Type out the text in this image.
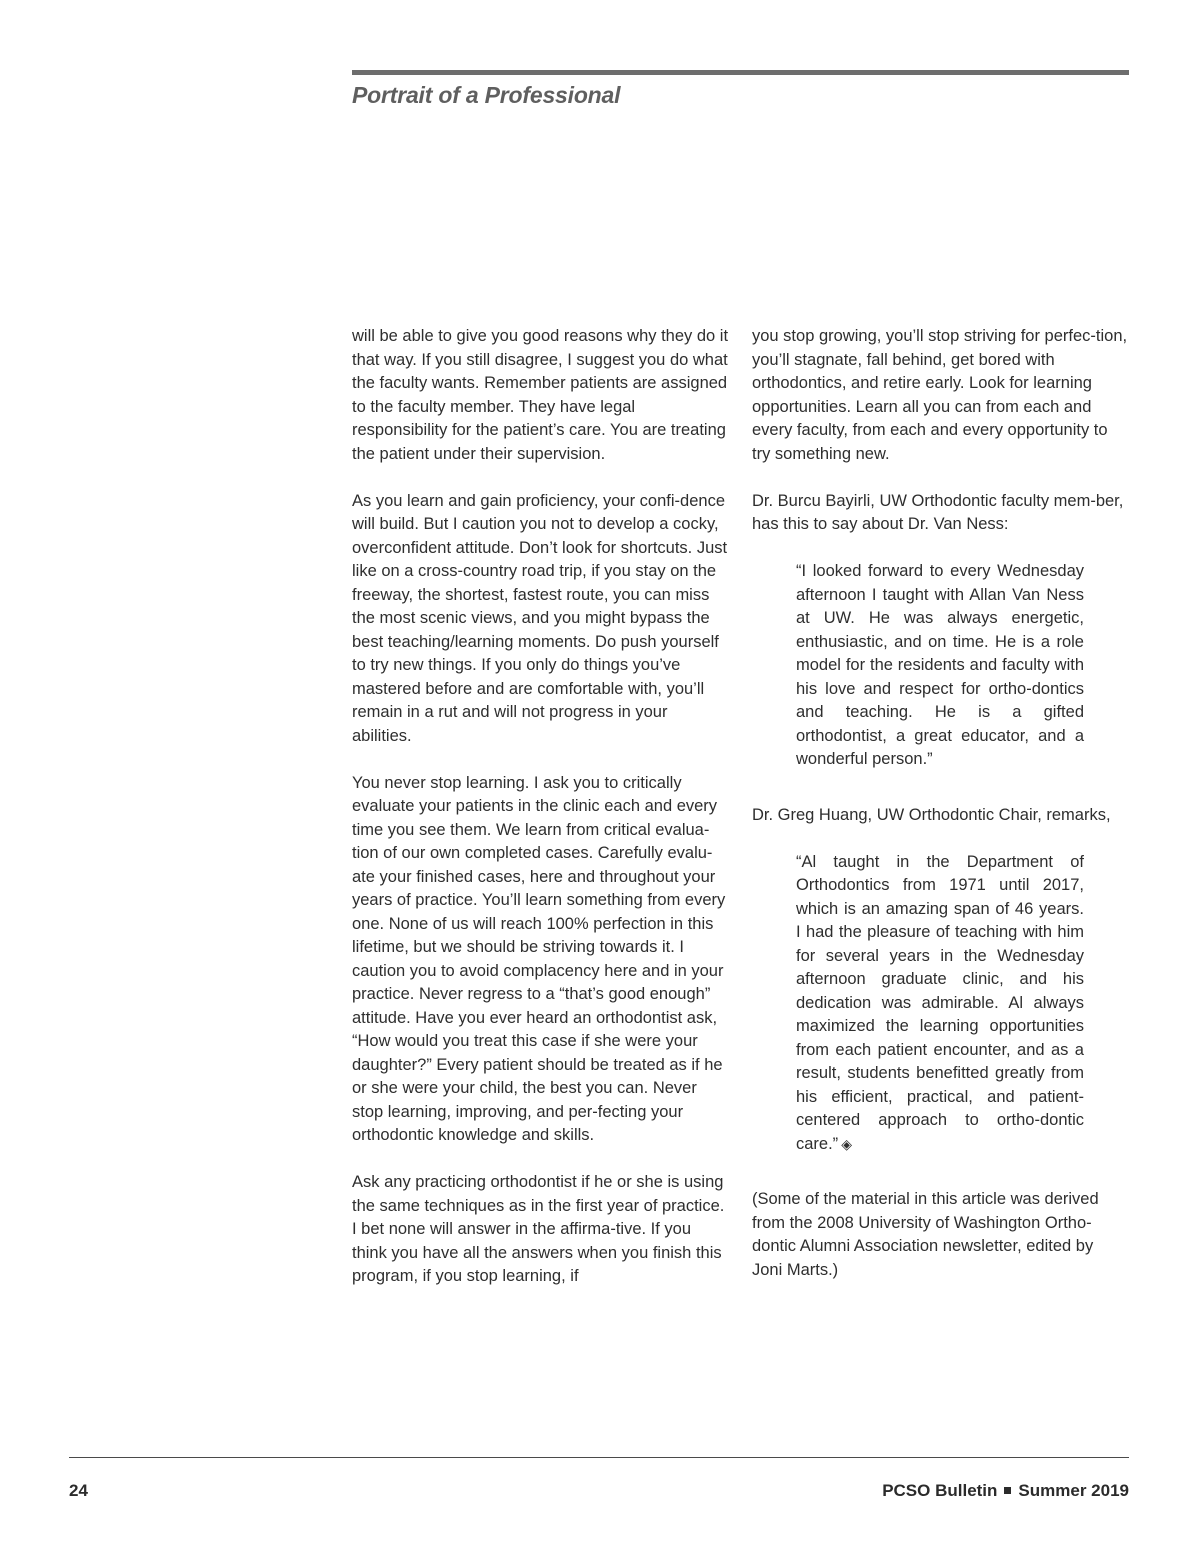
Portrait of a Professional

will be able to give you good reasons why they do it that way. If you still disagree, I suggest you do what the faculty wants. Remember patients are assigned to the faculty member. They have legal responsibility for the patient’s care. You are treating the patient under their supervision.

As you learn and gain proficiency, your confi-dence will build. But I caution you not to develop a cocky, overconfident attitude. Don’t look for shortcuts. Just like on a cross-country road trip, if you stay on the freeway, the shortest, fastest route, you can miss the most scenic views, and you might bypass the best teaching/learning moments. Do push yourself to try new things. If you only do things you’ve mastered before and are comfortable with, you’ll remain in a rut and will not progress in your abilities.

You never stop learning. I ask you to critically evaluate your patients in the clinic each and every time you see them. We learn from critical evalua-tion of our own completed cases. Carefully evalu-ate your finished cases, here and throughout your years of practice. You’ll learn something from every one. None of us will reach 100% perfection in this lifetime, but we should be striving towards it. I caution you to avoid complacency here and in your practice. Never regress to a “that’s good enough” attitude. Have you ever heard an orthodontist ask, “How would you treat this case if she were your daughter?” Every patient should be treated as if he or she were your child, the best you can. Never stop learning, improving, and per-fecting your orthodontic knowledge and skills.

Ask any practicing orthodontist if he or she is using the same techniques as in the first year of practice. I bet none will answer in the affirma-tive. If you think you have all the answers when you finish this program, if you stop learning, if

you stop growing, you’ll stop striving for perfec-tion, you’ll stagnate, fall behind, get bored with orthodontics, and retire early. Look for learning opportunities. Learn all you can from each and every faculty, from each and every opportunity to try something new.

Dr. Burcu Bayirli, UW Orthodontic faculty mem-ber, has this to say about Dr. Van Ness:

“I looked forward to every Wednesday afternoon I taught with Allan Van Ness at UW. He was always energetic, enthusiastic, and on time. He is a role model for the residents and faculty with his love and respect for ortho-dontics and teaching. He is a gifted orthodontist, a great educator, and a wonderful person.”

Dr. Greg Huang, UW Orthodontic Chair, remarks,

“Al taught in the Department of Orthodontics from 1971 until 2017, which is an amazing span of 46 years. I had the pleasure of teaching with him for several years in the Wednesday afternoon graduate clinic, and his dedication was admirable. Al always maximized the learning opportunities from each patient encounter, and as a result, students benefitted greatly from his efficient, practical, and patient-centered approach to ortho-dontic care.” ◈

(Some of the material in this article was derived from the 2008 University of Washington Ortho-dontic Alumni Association newsletter, edited by Joni Marts.)

24	PCSO Bulletin Summer 2019
